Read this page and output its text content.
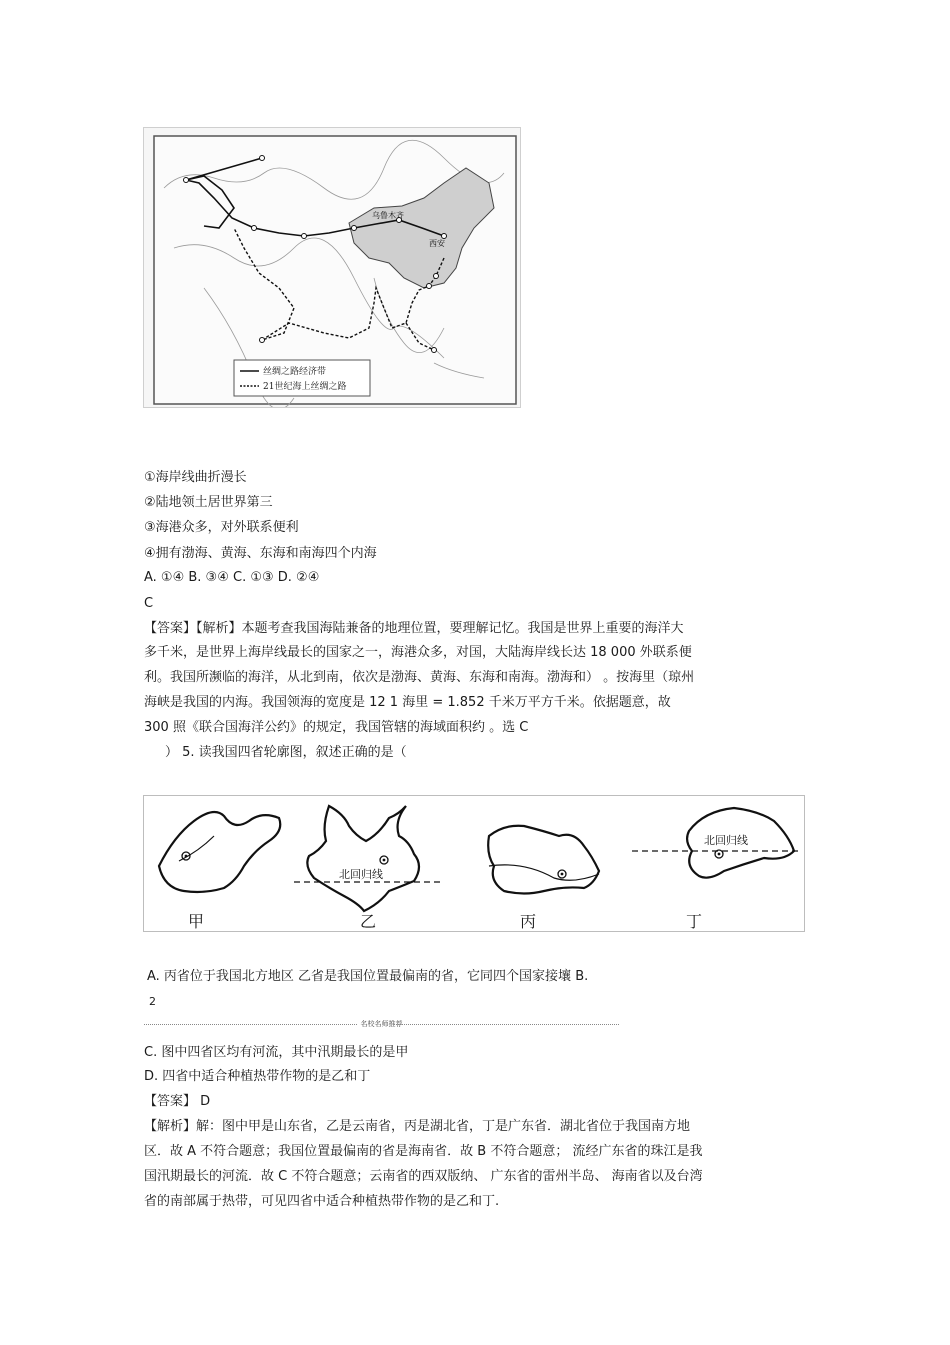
乌鲁木齐
西安
丝绸之路经济带
21世纪海上丝绸之路
①海岸线曲折漫长
②陆地领土居世界第三
③海港众多，对外联系便利
④拥有渤海、黄海、东海和南海四个内海
A. ①④ B. ③④ C. ①③ D. ②④
C
【答案】【解析】本题考查我国海陆兼备的地理位置，要理解记忆。我国是世界上重要的海洋大
多千米，是世界上海岸线最长的国家之一，海港众多，对国，大陆海岸线长达 18 000 外联系便
利。我国所濒临的海洋，从北到南，依次是渤海、黄海、东海和南海。渤海和） 。按海里（琼州
海峡是我国的内海。我国领海的宽度是 12 1 海里 = 1.852 千米万平方千米。依据题意，故
300 照《联合国海洋公约》的规定，我国管辖的海域面积约 。选 C
） 5. 读我国四省轮廓图，叙述正确的是（
北回归线
北回归线
甲	乙	丙	丁
A. 丙省位于我国北方地区 乙省是我国位置最偏南的省，它同四个国家接壤 B.
2
名校名师推荐
C. 图中四省区均有河流，其中汛期最长的是甲
D. 四省中适合种植热带作物的是乙和丁
【答案】 D
【解析】解：图中甲是山东省，乙是云南省，丙是湖北省，丁是广东省．湖北省位于我国南方地
区．故 A 不符合题意；我国位置最偏南的省是海南省．故 B 不符合题意； 流经广东省的珠江是我
国汛期最长的河流．故 C 不符合题意；云南省的西双版纳、 广东省的雷州半岛、 海南省以及台湾
省的南部属于热带，可见四省中适合种植热带作物的是乙和丁.
